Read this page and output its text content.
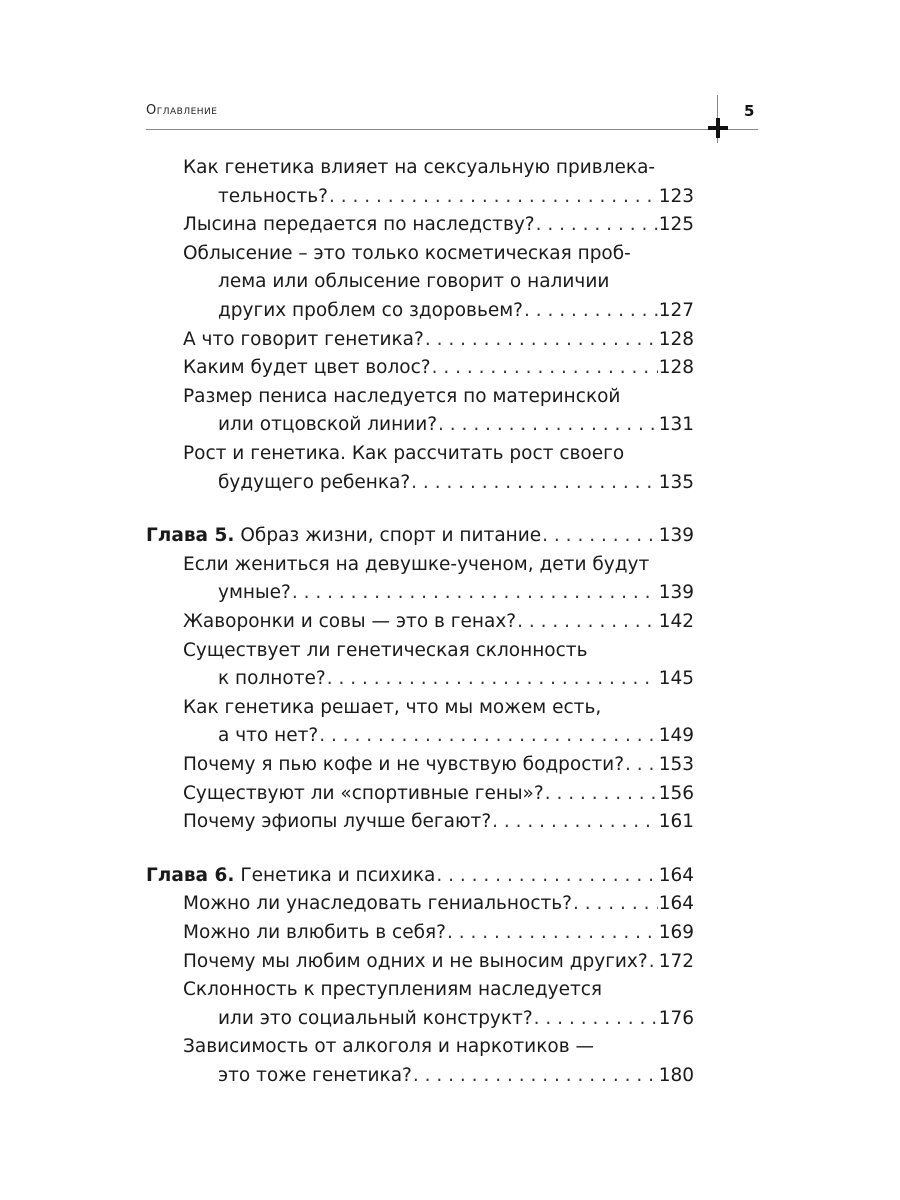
Оглавление	5
Как генетика влияет на сексуальную привлека-
тельность? . . .	123
Лысина передается по наследству? . . .	125
Облысение – это только косметическая проб-
лема или облысение говорит о наличии
других проблем со здоровьем? . . .	127
А что говорит генетика? . . .	128
Каким будет цвет волос? . . .	128
Размер пениса наследуется по материнской
или отцовской линии? . . .	131
Рост и генетика. Как рассчитать рост своего
будущего ребенка? . . .	135
Глава 5. Образ жизни, спорт и питание . . .	139
Если жениться на девушке-ученом, дети будут
умные? . . .	139
Жаворонки и совы — это в генах? . . .	142
Существует ли генетическая склонность
к полноте? . . .	145
Как генетика решает, что мы можем есть,
а что нет? . . .	149
Почему я пью кофе и не чувствую бодрости? . . . 153
Существуют ли «спортивные гены»? . . .	156
Почему эфиопы лучше бегают? . . .	161
Глава 6. Генетика и психика . . .	164
Можно ли унаследовать гениальность? . . .	164
Можно ли влюбить в себя? . . .	169
Почему мы любим одних и не выносим других? . . . 172
Склонность к преступлениям наследуется
или это социальный конструкт? . . .	176
Зависимость от алкоголя и наркотиков —
это тоже генетика? . . .	180
